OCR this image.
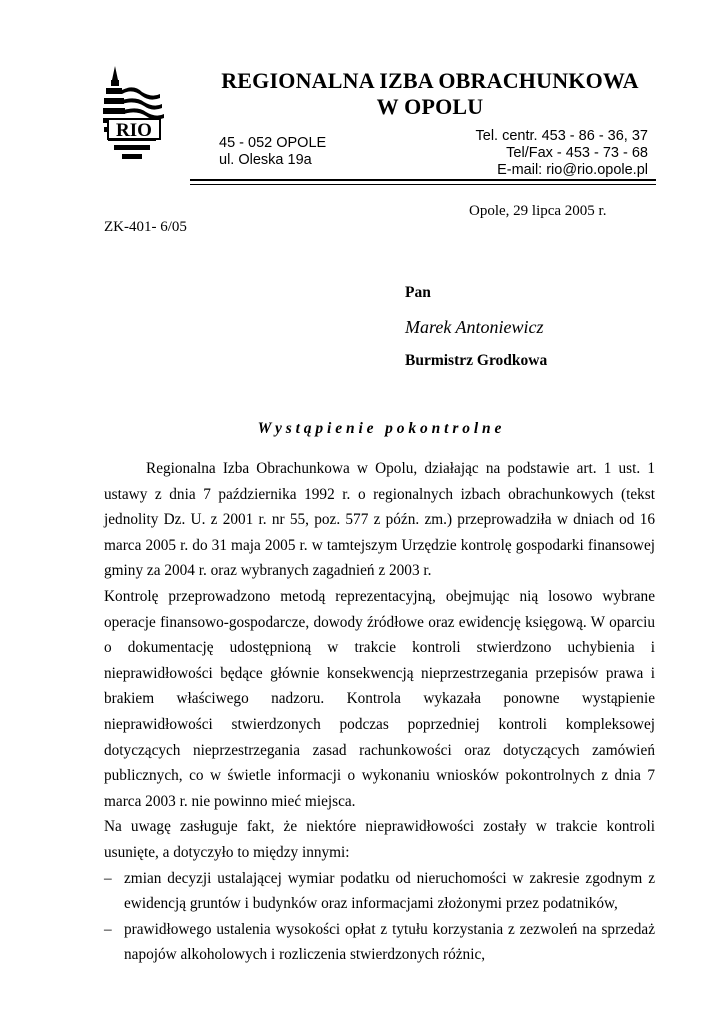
RIO
REGIONALNA IZBA OBRACHUNKOWA
W OPOLU
45 - 052 OPOLE
ul. Oleska 19a
Tel. centr. 453 - 86 - 36, 37
Tel/Fax - 453 - 73 - 68
E-mail: rio@rio.opole.pl
Opole, 29 lipca 2005 r.
ZK-401- 6/05
Pan
Marek Antoniewicz
Burmistrz Grodkowa
W y s t ą p i e n i e   p o k o n t r o l n e

Regionalna Izba Obrachunkowa w Opolu, działając na podstawie art. 1 ust. 1 ustawy z dnia 7 października 1992 r. o regionalnych izbach obrachunkowych (tekst jednolity Dz. U. z 2001 r. nr 55, poz. 577 z późn. zm.) przeprowadziła w dniach od 16 marca 2005 r. do 31 maja 2005 r. w tamtejszym Urzędzie kontrolę gospodarki finansowej gminy za 2004 r. oraz wybranych zagadnień z 2003 r.

Kontrolę przeprowadzono metodą reprezentacyjną, obejmując nią losowo wybrane operacje finansowo-gospodarcze, dowody źródłowe oraz ewidencję księgową. W oparciu o dokumentację udostępnioną w trakcie kontroli stwierdzono uchybienia i nieprawidłowości będące głównie konsekwencją nieprzestrzegania przepisów prawa i brakiem właściwego nadzoru. Kontrola wykazała ponowne wystąpienie nieprawidłowości stwierdzonych podczas poprzedniej kontroli kompleksowej dotyczących nieprzestrzegania zasad rachunkowości oraz dotyczących zamówień publicznych, co w świetle informacji o wykonaniu wniosków pokontrolnych z dnia 7 marca 2003 r. nie powinno mieć miejsca.

Na uwagę zasługuje fakt, że niektóre nieprawidłowości zostały w trakcie kontroli usunięte, a dotyczyło to między innymi:

– zmian decyzji ustalającej wymiar podatku od nieruchomości w zakresie zgodnym z ewidencją gruntów i budynków oraz informacjami złożonymi przez podatników,
– prawidłowego ustalenia wysokości opłat z tytułu korzystania z zezwoleń na sprzedaż napojów alkoholowych i rozliczenia stwierdzonych różnic,
